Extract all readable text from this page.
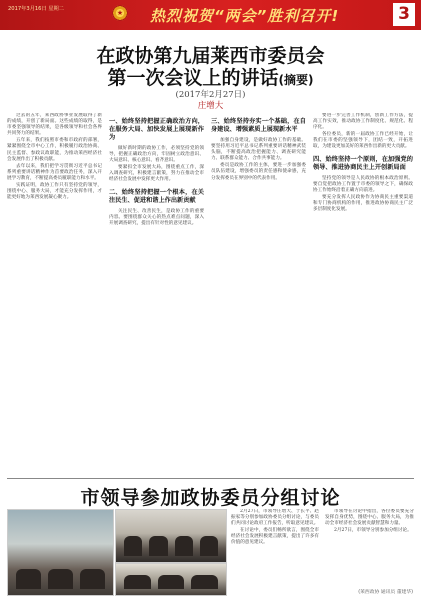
2017年3月16日 星期二	★	热烈祝贺“两会”胜利召开!	3
在政协第九届莱西市委员会
第一次会议上的讲话(摘要)
(2017年2月27日)
庄增大

过去的五年，莱西政协事业发展取得了新的成绩，开创了新局面。这些成绩的取得，是市委坚强领导的结果，是各级领导和社会各界共同努力的结果。

五年来，我们按照市委和市政府的部署，紧紧围绕全市中心工作，积极履行政治协商、民主监督、参政议政职能，为推动莱西经济社会发展作出了积极贡献。

去年以来，我们把学习贯彻习近平总书记系列重要讲话精神作为首要政治任务，深入开展学习教育，不断提高委员履职能力和水平。

实践证明，政协工作只有坚持党的领导，围绕中心、服务大局，才能充分发挥作用，才能更好地为莱西发展凝心聚力。

一、始终坚持把握正确政治方向，在服务大局、加快发展上展现新作为

做好新时期的政协工作，必须坚持党的领导，把握正确政治方向，牢固树立政治意识、大局意识、核心意识、看齐意识。

要紧扣全市发展大局，围绕重点工作，深入调查研究，积极建言献策，努力在推动全市经济社会发展中发挥更大作用。

二、始终坚持把握一个根本，在关注民生、促进和谐上作出新贡献

关注民生、改善民生，是政协工作的重要内容。要围绕群众关心的热点难点问题，深入开展调查研究，提出有针对性的意见建议。

三、始终坚持夯实一个基础，在自身建设、增强素质上展现新水平

加强自身建设，是做好政协工作的基础。要坚持用习近平总书记系列重要讲话精神武装头脑，不断提高政治把握能力、调查研究能力、联系群众能力、合作共事能力。

委员是政协工作的主体，要进一步加强委员队伍建设，增强委员的责任感和使命感，充分发挥委员在界别中的代表作用。

要进一步完善工作机制，创新工作方法，提高工作实效，推动政协工作制度化、规范化、程序化。

各位委员，新的一届政协工作已经开始，让我们在市委的坚强领导下，团结一致，开拓进取，为建设更加美好的莱西作出新的更大贡献。

四、始终坚持一个原则，在加强党的领导、推进协商民主上开创新局面

坚持党的领导是人民政协的根本政治原则。要自觉把政协工作置于市委的领导之下，确保政协工作始终沿着正确方向前进。

要充分发挥人民政协作为协商民主重要渠道和专门协商机构的作用，推进政协协商民主广泛多层制度化发展。

市领导参加政协委员分组讨论

2月27日，市领导庄增大、于长平、赵振家等分别参加政协委员分组讨论，与委员们共同讨论政府工作报告，听取意见建议。

在讨论中，委员们畅所欲言，围绕全市经济社会发展积极建言献策，提出了许多有价值的意见建议。

市领导在讨论中指出，各位委员要充分发挥自身优势，围绕中心、服务大局，为推动全市经济社会发展贡献智慧和力量。

2月27日，市领导分别参加分组讨论。

(莱西政协 通讯员 董建华)
